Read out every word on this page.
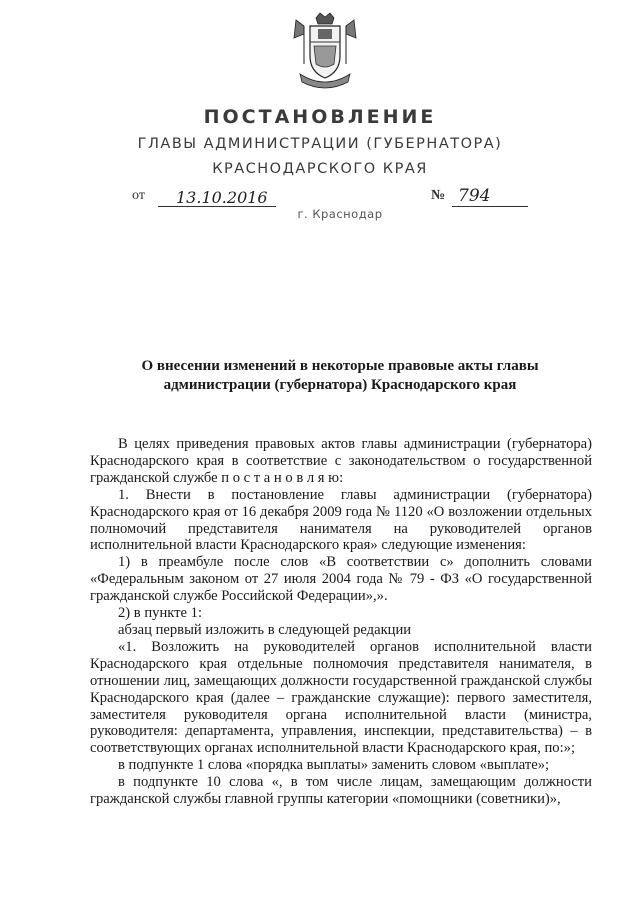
ПОСТАНОВЛЕНИЕ
ГЛАВЫ АДМИНИСТРАЦИИ (ГУБЕРНАТОРА)
КРАСНОДАРСКОГО КРАЯ
от 13.10.2016	№ 794
г. Краснодар
О внесении изменений в некоторые правовые акты главы
администрации (губернатора) Краснодарского края

В целях приведения правовых актов главы администрации (губернатора) Краснодарского края в соответствие с законодательством о государственной гражданской службе п о с т а н о в л я ю:

1. Внести в постановление главы администрации (губернатора) Краснодарского края от 16 декабря 2009 года № 1120 «О возложении отдельных полномочий представителя нанимателя на руководителей органов исполнительной власти Краснодарского края» следующие изменения:

1) в преамбуле после слов «В соответствии с» дополнить словами «Федеральным законом от 27 июля 2004 года № 79 - ФЗ «О государственной гражданской службе Российской Федерации»,».

2) в пункте 1:

абзац первый изложить в следующей редакции

«1. Возложить на руководителей органов исполнительной власти Краснодарского края отдельные полномочия представителя нанимателя, в отношении лиц, замещающих должности государственной гражданской службы Краснодарского края (далее – гражданские служащие): первого заместителя, заместителя руководителя органа исполнительной власти (министра, руководителя: департамента, управления, инспекции, представительства) – в соответствующих органах исполнительной власти Краснодарского края, по:»;

в подпункте 1 слова «порядка выплаты» заменить словом «выплате»;

в подпункте 10 слова «, в том числе лицам, замещающим должности гражданской службы главной группы категории «помощники (советники)»,
